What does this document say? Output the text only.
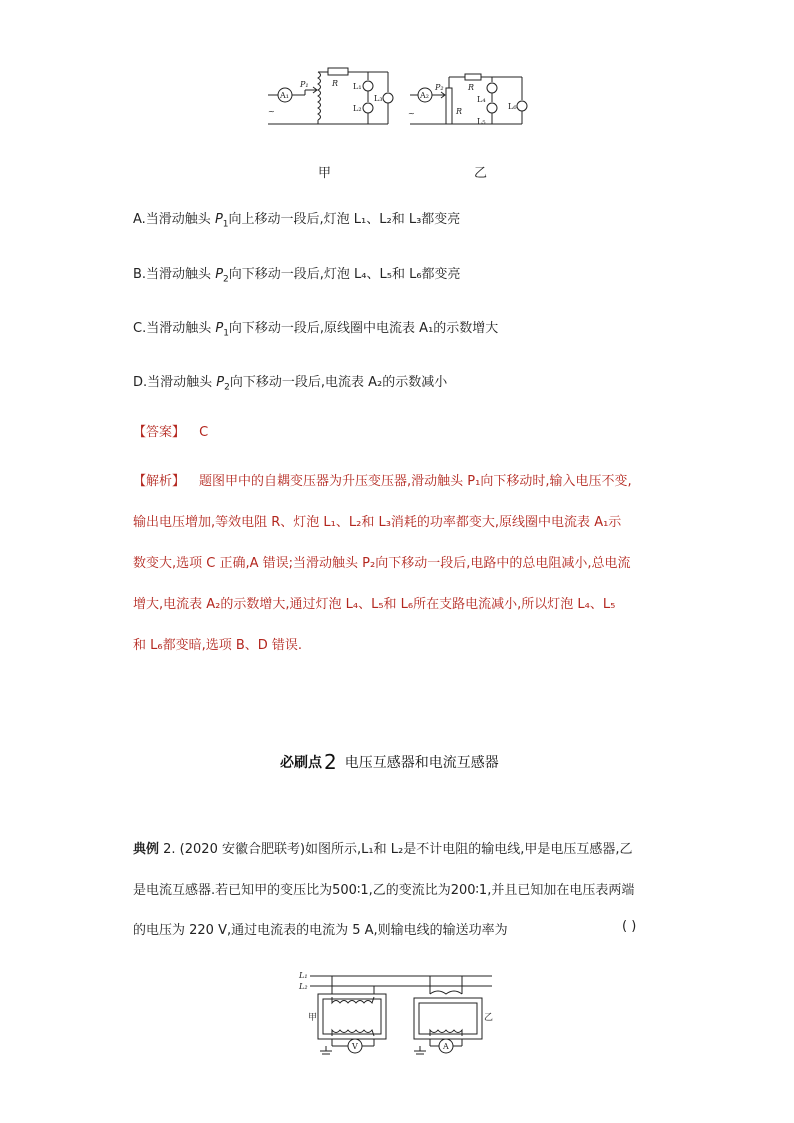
A₁
P₁	R L₁
L₂
L₃
~
A₂
P₂	R
R
L₄
L₅
L₆
~
甲	乙
A.当滑动触头 $P_1$向上移动一段后,灯泡 L₁、L₂和 L₃都变亮
B.当滑动触头 $P_2$向下移动一段后,灯泡 L₄、L₅和 L₆都变亮
C.当滑动触头 $P_1$向下移动一段后,原线圈中电流表 A₁的示数增大
D.当滑动触头 $P_2$向下移动一段后,电流表 A₂的示数减小
【答案】 C

【解析】 题图甲中的自耦变压器为升压变压器,滑动触头 P₁向下移动时,输入电压不变,

输出电压增加,等效电阻 R、灯泡 L₁、L₂和 L₃消耗的功率都变大,原线圈中电流表 A₁示

数变大,选项 C 正确,A 错误;当滑动触头 P₂向下移动一段后,电路中的总电阻减小,总电流

增大,电流表 A₂的示数增大,通过灯泡 L₄、L₅和 L₆所在支路电流减小,所以灯泡 L₄、L₅

和 L₆都变暗,选项 B、D 错误.

必刷点 2 电压互感器和电流互感器
典例 2. (2020 安徽合肥联考)如图所示,L₁和 L₂是不计电阻的输电线,甲是电压互感器,乙
是电流互感器.若已知甲的变压比为500∶1,乙的变流比为200∶1,并且已知加在电压表两端
的电压为 220 V,通过电流表的电流为 5 A,则输电线的输送功率为	( )
L₁
L₂
甲	乙
V	A
